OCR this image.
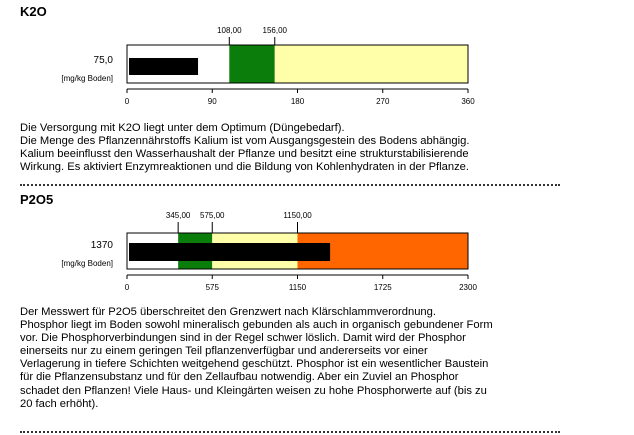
K2O
75,0
[mg/kg Boden]
108,00	156,00
0	90	180	270	360

Die Versorgung mit K2O liegt unter dem Optimum (Düngebedarf).

Die Menge des Pflanzennährstoffs Kalium ist vom Ausgangsgestein des Bodens abhängig.

Kalium beeinflusst den Wasserhaushalt der Pflanze und besitzt eine strukturstabilisierende

Wirkung. Es aktiviert Enzymreaktionen und die Bildung von Kohlenhydraten in der Pflanze.

P2O5
1370
[mg/kg Boden]
345,00 575,00	1150,00
0	575	1150	1725	2300

Der Messwert für P2O5 überschreitet den Grenzwert nach Klärschlammverordnung.

Phosphor liegt im Boden sowohl mineralisch gebunden als auch in organisch gebundener Form

vor. Die Phosphorverbindungen sind in der Regel schwer löslich. Damit wird der Phosphor

einerseits nur zu einem geringen Teil pflanzenverfügbar und andererseits vor einer

Verlagerung in tiefere Schichten weitgehend geschützt. Phosphor ist ein wesentlicher Baustein

für die Pflanzensubstanz und für den Zellaufbau notwendig. Aber ein Zuviel an Phosphor

schadet den Pflanzen! Viele Haus- und Kleingärten weisen zu hohe Phosphorwerte auf (bis zu

20 fach erhöht).
